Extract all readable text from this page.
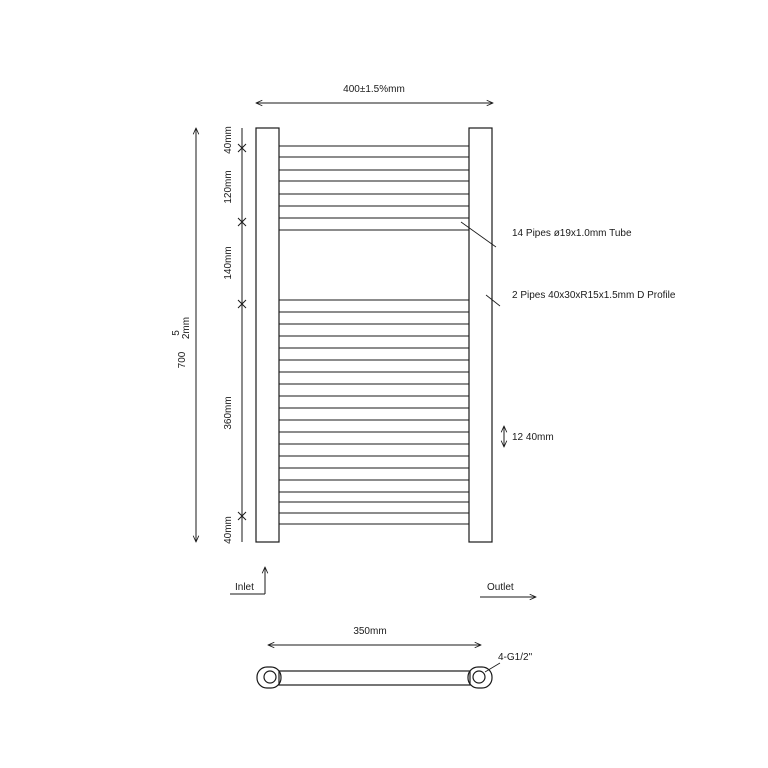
400±1.5%mm
700
5 2mm
40mm
120mm
140mm
360mm
40mm
14 Pipes ø19x1.0mm Tube
2 Pipes 40x30xR15x1.5mm D Profile
12 40mm
Inlet	Outlet
350mm
4-G1/2"
